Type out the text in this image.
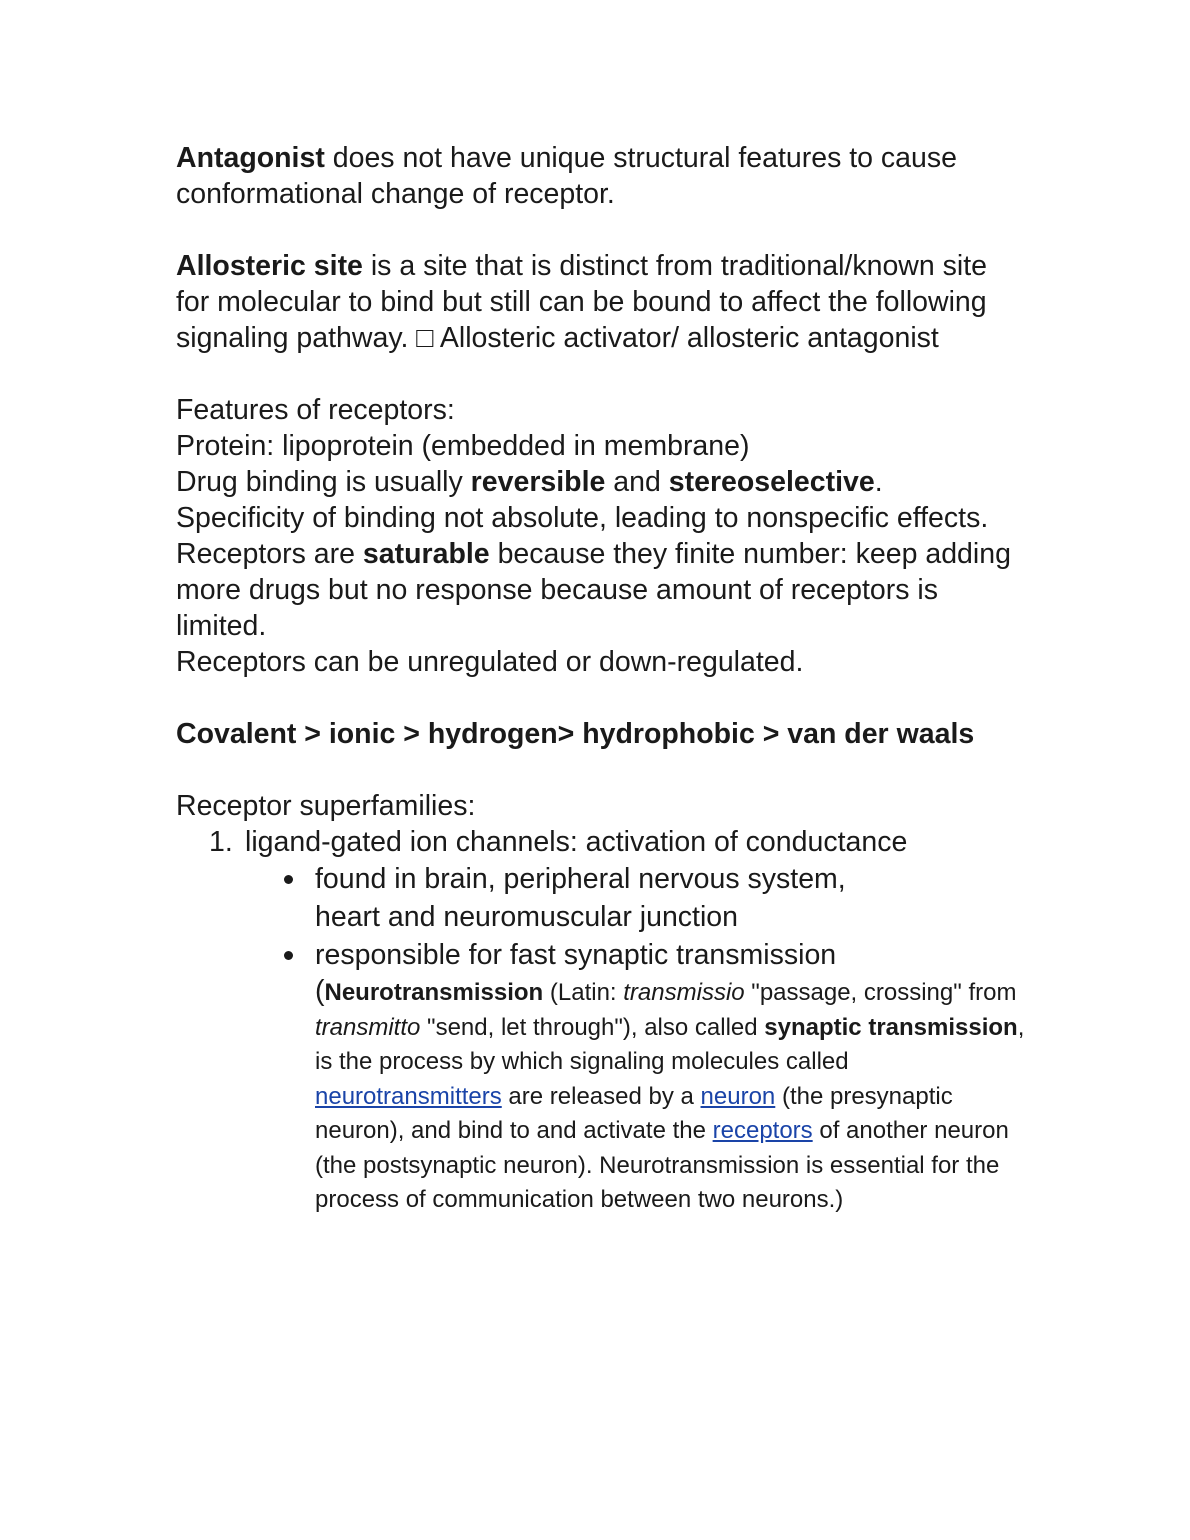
Antagonist does not have unique structural features to cause conformational change of receptor.

Allosteric site is a site that is distinct from traditional/known site for molecular to bind but still can be bound to affect the following signaling pathway. □ Allosteric activator/ allosteric antagonist

Features of receptors:

Protein: lipoprotein (embedded in membrane)

Drug binding is usually reversible and stereoselective.

Specificity of binding not absolute, leading to nonspecific effects.

Receptors are saturable because they finite number: keep adding more drugs but no response because amount of receptors is limited.

Receptors can be unregulated or down-regulated.

Covalent > ionic > hydrogen> hydrophobic > van der waals

Receptor superfamilies:

1. ligand-gated ion channels: activation of conductance
found in brain, peripheral nervous system, heart and neuromuscular junction
responsible for fast synaptic transmission
(Neurotransmission (Latin: transmissio "passage, crossing" from transmitto "send, let through"), also called synaptic transmission, is the process by which signaling molecules called neurotransmitters are released by a neuron (the presynaptic neuron), and bind to and activate the receptors of another neuron (the postsynaptic neuron). Neurotransmission is essential for the process of communication between two neurons.)
